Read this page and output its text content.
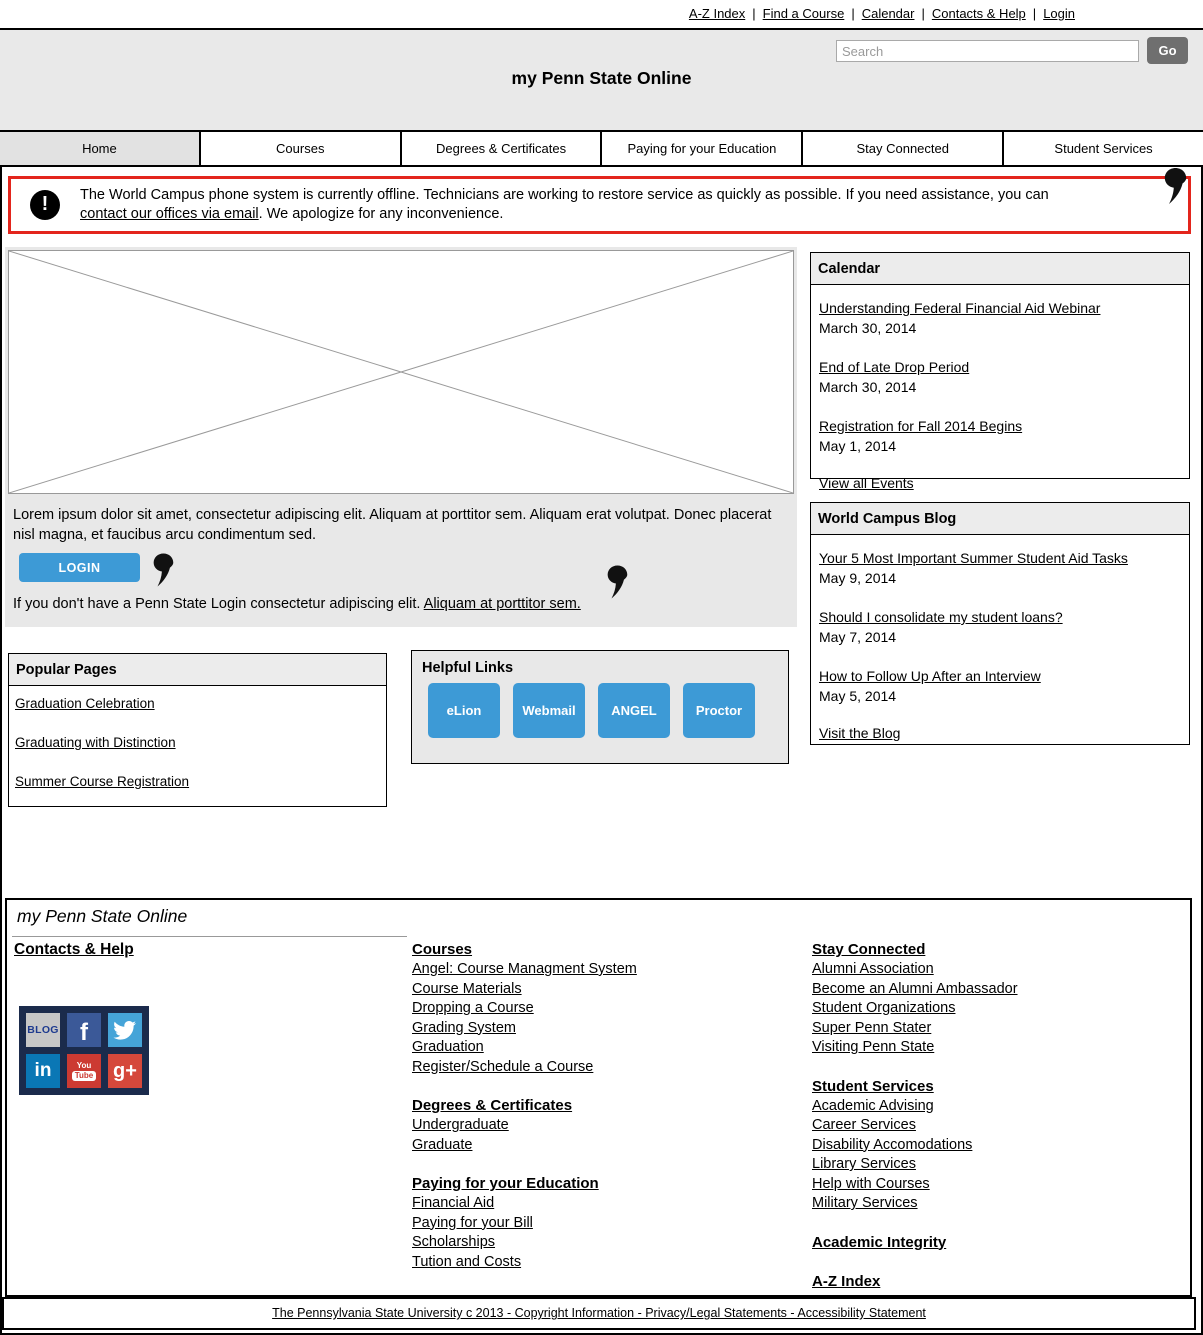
A-Z Index | Find a Course | Calendar | Contacts & Help | Login
my Penn State Online
Search
Go
Home	Courses	Degrees & Certificates	Paying for your Education	Stay Connected	Student Services
!	The World Campus phone system is currently offline. Technicians are working to restore service as quickly as possible. If you need assistance, you can
contact our offices via email. We apologize for any inconvenience.

Lorem ipsum dolor sit amet, consectetur adipiscing elit. Aliquam at porttitor sem. Aliquam erat volutpat. Donec placerat nisl magna, et faucibus arcu condimentum sed.

LOGIN

If you don't have a Penn State Login consectetur adipiscing elit. Aliquam at porttitor sem.

Popular Pages
Graduation Celebration
Graduating with Distinction
Summer Course Registration
Helpful Links
eLion	Webmail	ANGEL	Proctor
Calendar
Understanding Federal Financial Aid Webinar
March 30, 2014
End of Late Drop Period
March 30, 2014
Registration for Fall 2014 Begins
May 1, 2014
View all Events
World Campus Blog
Your 5 Most Important Summer Student Aid Tasks
May 9, 2014
Should I consolidate my student loans?
May 7, 2014
How to Follow Up After an Interview
May 5, 2014
Visit the Blog
my Penn State Online
Contacts & Help
BLOG f
in	You
Tube g+
Courses
Angel: Course Managment System
Course Materials
Dropping a Course
Grading System
Graduation
Register/Schedule a Course
Degrees & Certificates
Undergraduate
Graduate
Paying for your Education
Financial Aid
Paying for your Bill
Scholarships
Tution and Costs
Stay Connected
Alumni Association
Become an Alumni Ambassador
Student Organizations
Super Penn Stater
Visiting Penn State
Student Services
Academic Advising
Career Services
Disability Accomodations
Library Services
Help with Courses
Military Services
Academic Integrity
A-Z Index
The Pennsylvania State University c 2013 - Copyright Information - Privacy/Legal Statements - Accessibility Statement
